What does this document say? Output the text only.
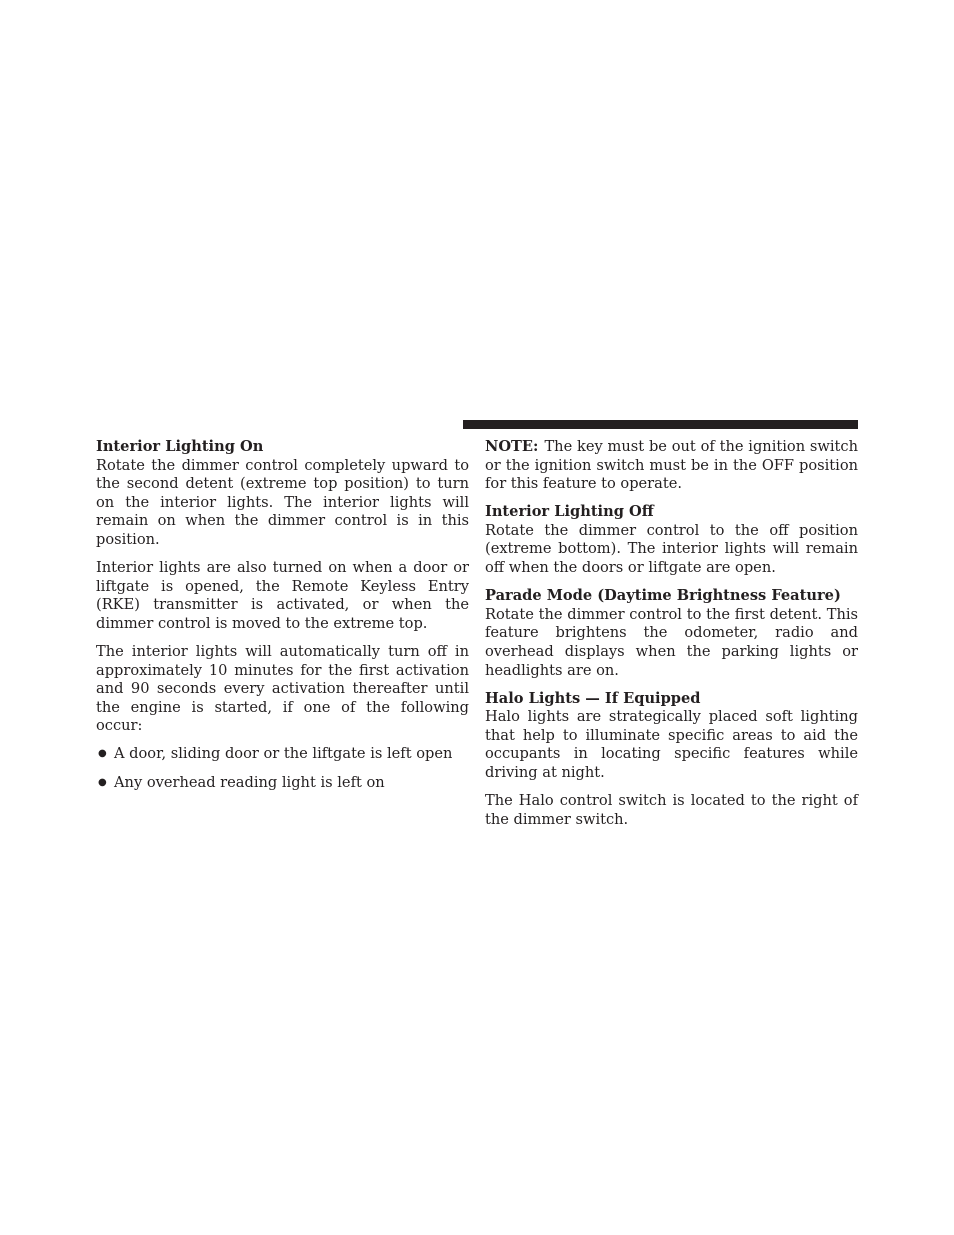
Interior Lighting On

Rotate the dimmer control completely upward to the second detent (extreme top position) to turn on the interior lights. The interior lights will remain on when the dimmer control is in this position.

Interior lights are also turned on when a door or liftgate is opened, the Remote Keyless Entry (RKE) transmitter is activated, or when the dimmer control is moved to the extreme top.

The interior lights will automatically turn off in approximately 10 minutes for the first activation and 90 seconds every activation thereafter until the engine is started, if one of the following occur:

● A door, sliding door or the liftgate is left open
● Any overhead reading light is left on

NOTE: The key must be out of the ignition switch or the ignition switch must be in the OFF position for this feature to operate.

Interior Lighting Off

Rotate the dimmer control to the off position (extreme bottom). The interior lights will remain off when the doors or liftgate are open.

Parade Mode (Daytime Brightness Feature)

Rotate the dimmer control to the first detent. This feature brightens the odometer, radio and overhead displays when the parking lights or headlights are on.

Halo Lights — If Equipped

Halo lights are strategically placed soft lighting that help to illuminate specific areas to aid the occupants in locating specific features while driving at night.

The Halo control switch is located to the right of the dimmer switch.
